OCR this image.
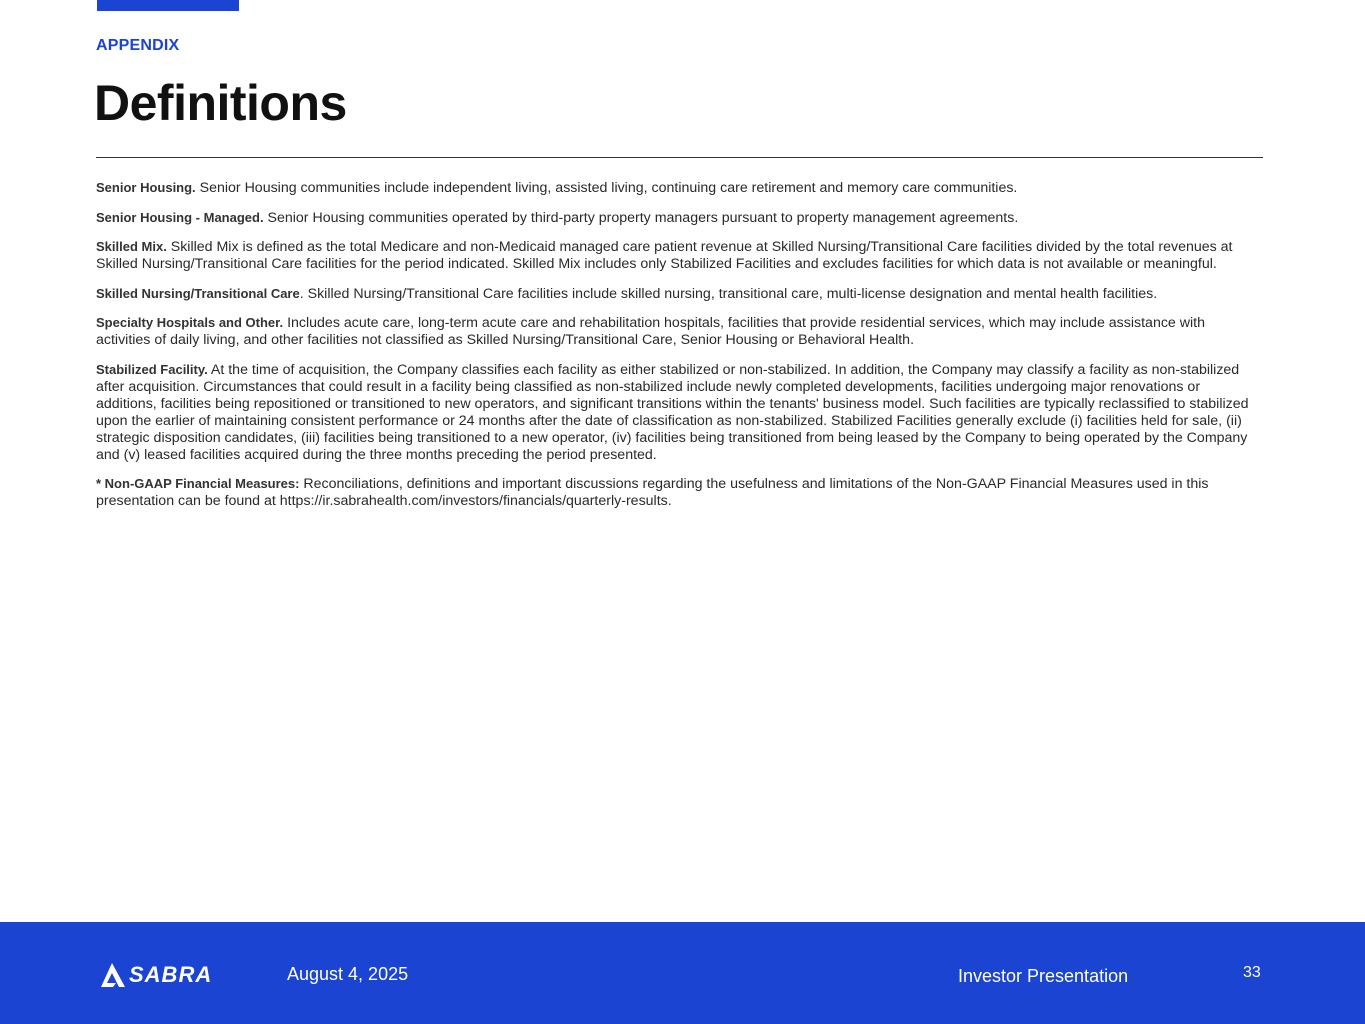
APPENDIX
Definitions

Senior Housing. Senior Housing communities include independent living, assisted living, continuing care retirement and memory care communities.

Senior Housing - Managed. Senior Housing communities operated by third-party property managers pursuant to property management agreements.

Skilled Mix. Skilled Mix is defined as the total Medicare and non-Medicaid managed care patient revenue at Skilled Nursing/Transitional Care facilities divided by the total revenues at Skilled Nursing/Transitional Care facilities for the period indicated. Skilled Mix includes only Stabilized Facilities and excludes facilities for which data is not available or meaningful.

Skilled Nursing/Transitional Care. Skilled Nursing/Transitional Care facilities include skilled nursing, transitional care, multi-license designation and mental health facilities.

Specialty Hospitals and Other. Includes acute care, long-term acute care and rehabilitation hospitals, facilities that provide residential services, which may include assistance with activities of daily living, and other facilities not classified as Skilled Nursing/Transitional Care, Senior Housing or Behavioral Health.

Stabilized Facility. At the time of acquisition, the Company classifies each facility as either stabilized or non-stabilized. In addition, the Company may classify a facility as non-stabilized after acquisition. Circumstances that could result in a facility being classified as non-stabilized include newly completed developments, facilities undergoing major renovations or additions, facilities being repositioned or transitioned to new operators, and significant transitions within the tenants' business model. Such facilities are typically reclassified to stabilized upon the earlier of maintaining consistent performance or 24 months after the date of classification as non-stabilized. Stabilized Facilities generally exclude (i) facilities held for sale, (ii) strategic disposition candidates, (iii) facilities being transitioned to a new operator, (iv) facilities being transitioned from being leased by the Company to being operated by the Company and (v) leased facilities acquired during the three months preceding the period presented.

* Non-GAAP Financial Measures: Reconciliations, definitions and important discussions regarding the usefulness and limitations of the Non-GAAP Financial Measures used in this presentation can be found at https://ir.sabrahealth.com/investors/financials/quarterly-results.

SABRA	August 4, 2025	Investor Presentation	33
